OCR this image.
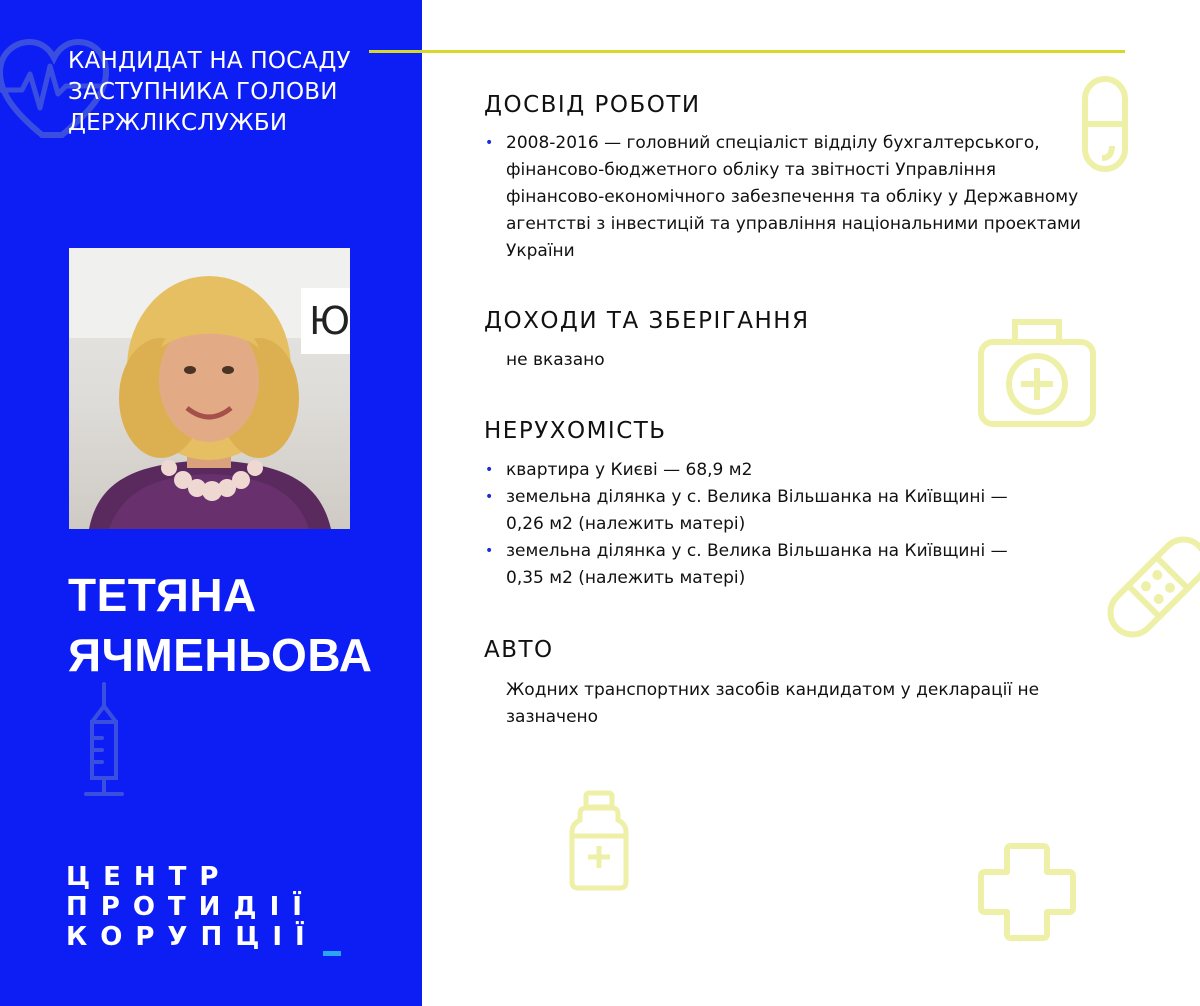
КАНДИДАТ НА ПОСАДУ
ЗАСТУПНИКА ГОЛОВИ
ДЕРЖЛІКСЛУЖБИ
Ю
ТЕТЯНА
ЯЧМЕНЬОВА
ЦЕНТР
ПРОТИДІЇ
КОРУПЦІЇ
ДОСВІД РОБОТИ
• 2008-2016 — головний спеціаліст відділу бухгалтерського,
фінансово-бюджетного обліку та звітності Управління
фінансово-економічного забезпечення та обліку у Державному
агентстві з інвестицій та управління національними проектами
України
ДОХОДИ ТА ЗБЕРІГАННЯ
не вказано
НЕРУХОМІСТЬ
• квартира у Києві — 68,9 м2
• земельна ділянка у с. Велика Вільшанка на Київщині —
0,26 м2 (належить матері)
• земельна ділянка у с. Велика Вільшанка на Київщині —
0,35 м2 (належить матері)
АВТО
Жодних транспортних засобів кандидатом у декларації не
зазначено
